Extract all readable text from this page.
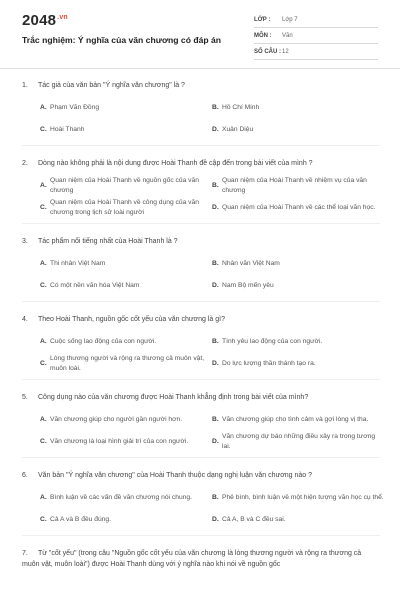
$2048^{.vn}$
Trắc nghiệm: Ý nghĩa của văn chương có đáp án
LỚP :	Lớp 7
MÔN :	Văn
SỐ CÂU : 12
1. Tác giả của văn bản "Ý nghĩa văn chương" là ?
A. Phạm Văn Đồng	B. Hồ Chí Minh
C. Hoài Thanh	D. Xuân Diệu
2. Dòng nào không phải là nội dung được Hoài Thanh đề cập đến trong bài viết của mình ?
A.
Quan niệm của Hoài Thanh về nguồn gốc của văn chương
B.
Quan niệm của Hoài Thanh về nhiệm vụ của văn chương
C.
Quan niệm của Hoài Thanh về công dụng của văn chương trong lịch sử loài người
D. Quan niệm của Hoài Thanh về các thể loại văn học.
3. Tác phẩm nổi tiếng nhất của Hoài Thanh là ?
A. Thi nhân Việt Nam	B. Nhân văn Việt Nam
C. Có một nền văn hóa Việt Nam	D. Nam Bộ mến yêu
4. Theo Hoài Thanh, nguồn gốc cốt yếu của văn chương là gì?
A. Cuộc sống lao động của con người.	B. Tình yêu lao động của con người.
C.
Lòng thương người và rộng ra thương cả muôn vật, muôn loài.
D. Do lực lượng thần thánh tạo ra.
5. Công dụng nào của văn chương được Hoài Thanh khẳng định trong bài viết của mình?
A. Văn chương giúp cho người gần người hơn.	B. Văn chương giúp cho tình cảm và gợi lòng vị tha.
C. Văn chương là loại hình giải trí của con người.	D.
Văn chương dự báo những điều xảy ra trong tương lai.
6. Văn bản "Ý nghĩa văn chương" của Hoài Thanh thuộc dạng nghị luận văn chương nào ?
A. Bình luận về các vấn đề văn chương nói chung.	B. Phê bình, bình luận về một hiện tượng văn học cụ thể.
C. Cả A và B đều đúng.	D. Cả A, B và C đều sai.
7. Từ "cốt yếu" (trong câu "Nguồn gốc cốt yếu của văn chương là lòng thương người và rộng ra thương cả muôn vật, muôn loài") được Hoài Thanh dùng với ý nghĩa nào khi nói về nguồn gốc
